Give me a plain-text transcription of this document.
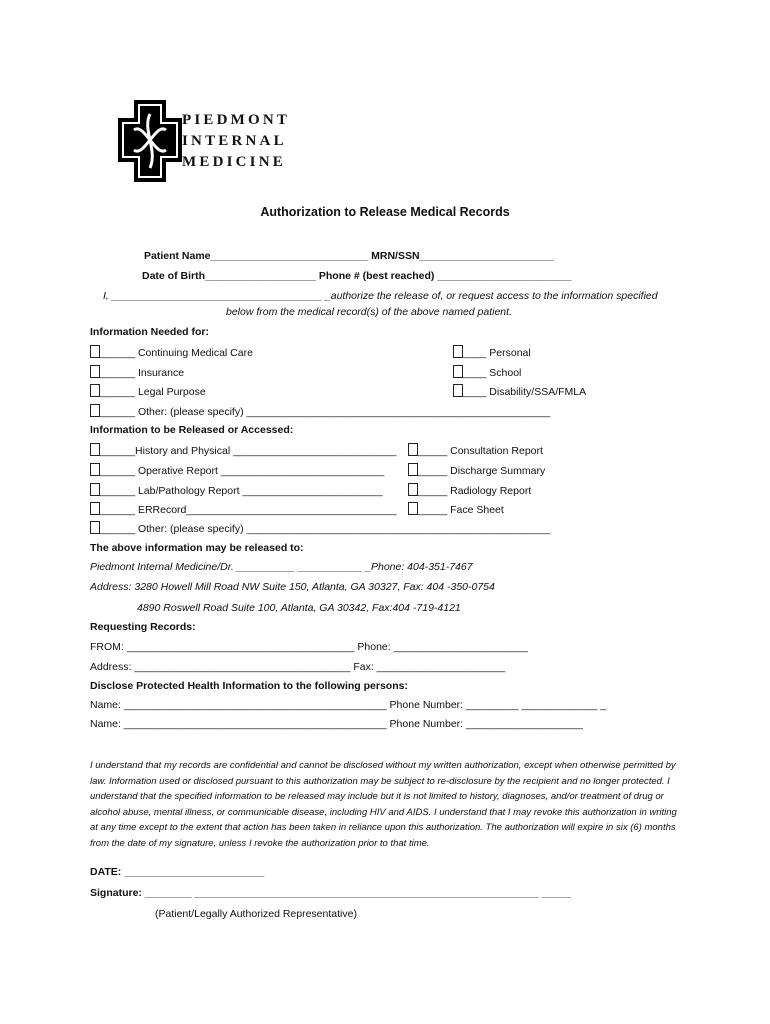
PIEDMONT
INTERNAL
MEDICINE
Authorization to Release Medical Records
Patient Name___________________________ MRN/SSN_______________________
Date of Birth___________________ Phone # (best reached) _______________________
I, ____________________________________ _authorize the release of, or request access to the information specified
below from the medical record(s) of the above named patient.
Information Needed for:
______ Continuing Medical Care
______ Insurance
______ Legal Purpose
______ Other: (please specify) ____________________________________________________
____ Personal
____ School
____ Disability/SSA/FMLA
Information to be Released or Accessed:
______History and Physical ____________________________
______ Operative Report ____________________________
______ Lab/Pathology Report ________________________
______ ERRecord____________________________________
______ Other: (please specify) ____________________________________________________
_____ Consultation Report
_____ Discharge Summary
_____ Radiology Report
_____ Face Sheet
The above information may be released to:
Piedmont Internal Medicine/Dr. __________ ___________ _Phone: 404-351-7467
Address: 3280 Howell Mill Road NW Suite 150, Atlanta, GA 30327, Fax: 404 -350-0754
4890 Roswell Road Suite 100, Atlanta, GA 30342, Fax:404 -719-4121
Requesting Records:
FROM: _______________________________________ Phone: _______________________
Address: _____________________________________ Fax: ______________________
Disclose Protected Health Information to the following persons:
Name: _____________________________________________ Phone Number: _________ _____________ _
Name: _____________________________________________ Phone Number: ____________________

I understand that my records are confidential and cannot be disclosed without my written authorization, except when otherwise permitted by law. Information used or disclosed pursuant to this authorization may be subject to re-disclosure by the recipient and no longer protected. I understand that the specified information to be released may include but it is not limited to history, diagnoses, and/or treatment of drug or alcohol abuse, mental illness, or communicable disease, including HIV and AIDS. I understand that I may revoke this authorization in writing at any time except to the extent that action has been taken in reliance upon this authorization. The authorization will expire in six (6) months from the date of my signature, unless I revoke the authorization prior to that time.

DATE: ________________________
Signature: ________ ___________________________________________________________ _____
(Patient/Legally Authorized Representative)
